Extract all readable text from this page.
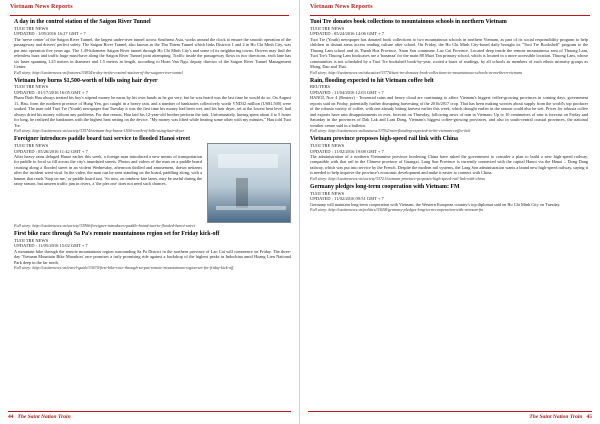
Vietnam News Reports
A day in the control station of the Saigon River Tunnel
TUOI TRE NEWS
UPDATED : 1/05/2016 16:27 GMT + 7
The 'nerve center' of the Saigon River Tunnel, the largest under-river tunnel across Southeast Asia, works around the clock to ensure the smooth operation of the passageway and drivers' perfect safety. The Saigon River Tunnel, also known as the Thu Thiem Tunnel which links Districts 1 and 2 in Ho Chi Minh City, was put into operation five years ago. The 1.49-kilometer Saigon River tunnel through Ho Chi Minh City's and some of its neighboring towns. Drivers may find the relentless buzz and traffic huge must-have along the Saigon River Tunnel joint attempting. Traffic inside the passageway flows in two directions, each lane has six lanes spanning 1.25 meters in diameter and 1.5 meters in length, according to Hoan Van Ngu, deputy director of the Saigon River Tunnel Management Center.
Full story: http://tuoitrenews.vn/features/33834/a-day-in-the-control-station-of-the-saigon-river-tunnel
Vietnam boy burns $1,500-worth of bills using hair dryer
TUOI TRE NEWS
UPDATED : 01/17/2016 16:05 GMT + 7
Pham Dinh Hau always treated his boy's stipend money he earns by his own hands as he got very, but he was heard was the last time he would do so. On August 11, Hau, from the northern province of Hung Yen, got caught in a heavy rain, and a number of banknotes collectively worth VND32 million (US$1,500) were soaked. The man told Tuoi Tre (Youth) newspaper that Tuesday it was the first time his money had been wet, and his hair dryer, set at the lowest heat level, had always dried his money without any problems. For that reason, Hau laid his 12-year-old brother perform the task. Unfortunately, having spent about 4 to 5 hours for long, he realized the banknotes with the highest heat setting on the device. "My money was lifted while heating some other with my minutes," Hau told Tuoi Tre.
Full story: http://tuoitrenews.vn/society/33574/vietnam-boy-burns-1500-worth-of-bills-using-hair-dryer
Foreigner introduces paddle board taxi service to flooded Hanoi street
TUOI TRE NEWS
UPDATED : 05/26/2016 11:42 GMT + 7
After heavy rains deluged Hanoi earlier this week, a foreign man introduced a new means of transportation for paddle to local so fill across the city's inundated streets. Photos and videos of the man on a paddle board cruising along a flooded street in an violent Wednesday, afternoon thrilled and amusement, drawn netizens after the incident went viral. In the video, the man can be seen standing on the board, paddling along, with a banner that reads 'Stop on me,' or paddle board taxi. 'So now, on rainbow kite lanes, may be useful during the rainy season, but unseen traffic jam in rivers, a 'the pier one' does not need such chances.
Full story: http://tuoitrenews.vn/society/33906/foreigner-introduces-paddle-board-taxi-to-flooded-hanoi-street
First bike race through Sa Pa's remote mountainous region set for Friday kick-off
TUOI TRE NEWS
UPDATED : 11/05/2016 15:02 GMT + 7
A mountain bike through the remote mountainous region surrounding Sa Pa District in the northern province of Lao Cai will commence on Friday. The three-day 'Vietnam Mountain Bike Marathon' race promises a truly promising ride against a backdrop of the highest peaks in Indochina amid Hoang Lien National Park deep in the far north.
Full story: http://tuoitrenews.vn/travel-guide/33670/first-bike-race-through-sa-pas-remote-mountainous-region-set-for-friday-kick-off
44 The Saint Nation Train
Vietnam News Reports
Tuoi Tre donates book collections to mountainous schools in northern Vietnam
TUOI TRE NEWS
UPDATED : 05/24/2016 14:06 GMT + 7
Tuoi Tre (Youth) newspaper has donated book collections to two mountainous schools in northern Vietnam, as part of its social responsibility program to help children in distant areas access reading culture after school. On Friday, the Ho Chi Minh City-based daily brought its "Tuoi Tre Bookshelf" program to the Thuong Lam school and its Thanh Hoa Province, Xuan Son commune, Lao Cai Province. Located deep inside the remote mountainous area of Thuong Lam, Tuoi Tre's Thuong Lam bookcases are a 'bonanza' for the main 88 Muoi Tan primary school, which is located in a more accessible location. Thuong Lam, whose communities is not scheduled by a Tuoi Tre bookshelf book-by-year, rooted a basis of readings, by all schools as members of each ethnic minority groups as Mong, Dao and Thai.
Full story: http://tuoitrenews.vn/education/33776/tuoi-tre-donates-book-collections-to-mountainous-schools-in-northern-vietnam
Rain, flooding expected to hit Vietnam coffee belt
REUTERS
UPDATED : 11/04/2016 12:03 GMT + 7
HANOI, Nov 4 (Reuters) - Torrential rains and heavy cloud are continuing to affect Vietnam's biggest coffee-growing provinces in coming days, government reports said on Friday, potentially further disrupting harvesting of the 2016/2017 crop. That has been making worries about supply from the world's top producer of the robusta variety of coffee, with one already hitting harvest earlier this week, which drought earlier in the season could also be wet. Prices for robusta coffee and exports have rain disappointments in over, forecast on Thursday, following news of rain in Vietnam. Up to 10 centimetres of rain is forecast on Friday and Saturday in the provinces of Dak Lak and Lam Dong, Vietnam's biggest coffee-growing provinces, and also in south-central coastal provinces, the national weather centre said in a bulletin.
Full story: http://tuoitrenews.vn/business/33762/rain-flooding-expected-to-hit-vietnam-coffee-belt
Vietnam province proposes high-speed rail link with China
TUOI TRE NEWS
UPDATED : 11/02/2016 19:08 GMT + 7
The administration of a northern Vietnamese province bordering China have asked the government to consider a plan to build a new high-speed railway, compatible with that rail in the Chinese province of Guangxi. Lang Son Province is currently connected with the capital Hanoi via the Hanoi – Dong Dang railway, which was put into service by the French. Despite the modern rail systems, the Lang Son administration wants a brand new high-speed railway, saying it is needed to help improve the province's economic development and make it easier to connect with China.
Full story: http://tuoitrenews.vn/society/33721/vietnam-province-proposes-high-speed-rail-link-with-china
Germany pledges long-term cooperation with Vietnam: FM
TUOI TRE NEWS
UPDATED : 11/02/2016 09:51 GMT + 7
Germany will maintain long-term cooperation with Vietnam, the Western European country's top diplomat said on Ho Chi Minh City on Tuesday.
Full story: http://tuoitrenews.vn/politics/33658/germany-pledges-long-term-cooperation-with-vietnam-fm
The Saint Nation Train 45
